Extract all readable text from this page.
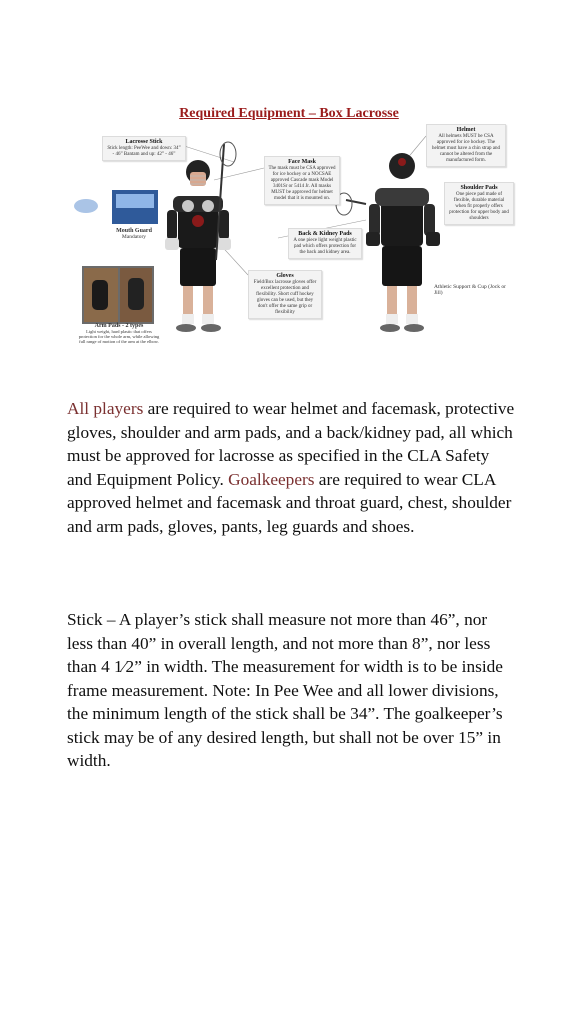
Required Equipment – Box Lacrosse
Lacrosse Stick
Stick length: PeeWee and down: 34” - 46” Bantam and up: 42” - 46”
Face Mask
The mask must be CSA approved for ice hockey or a NOCSAE approved Cascade mask Model 3401Sr or 5414 Jr. All masks MUST be approved for helmet model that it is mounted on.
Helmet
All helmets MUST be CSA approved for ice hockey. The helmet must have a chin strap and cannot be altered from the manufactured form.
Mouth Guard
Mandatory	Back & Kidney Pads
A one piece light weight plastic pad which offers protection for the back and kidney area.
Shoulder Pads
One piece pad made of flexible, durable material when fit properly offers protection for upper body and shoulders
Gloves
Field/Box lacrosse gloves offer excellent protection and flexibility. Short cuff hockey gloves can be used, but they don't offer the same grip or flexibility
Athletic Support & Cup (Jock or Jill)
Arm Pads - 2 types
Light weight, hard plastic that offers protection for the whole arm, while allowing full range of motion of the arm at the elbow.
All players are required to wear helmet and facemask, protective gloves, shoulder and arm pads, and a back/kidney pad, all which must be approved for lacrosse as specified in the CLA Safety and Equipment Policy. Goalkeepers are required to wear CLA approved helmet and facemask and throat guard, chest, shoulder and arm pads, gloves, pants, leg guards and shoes.
Stick – A player’s stick shall measure not more than 46”, nor less than 40” in overall length, and not more than 8”, nor less than 4 1⁄2” in width. The measurement for width is to be inside frame measurement. Note: In Pee Wee and all lower divisions, the minimum length of the stick shall be 34”. The goalkeeper’s stick may be of any desired length, but shall not be over 15” in width.
